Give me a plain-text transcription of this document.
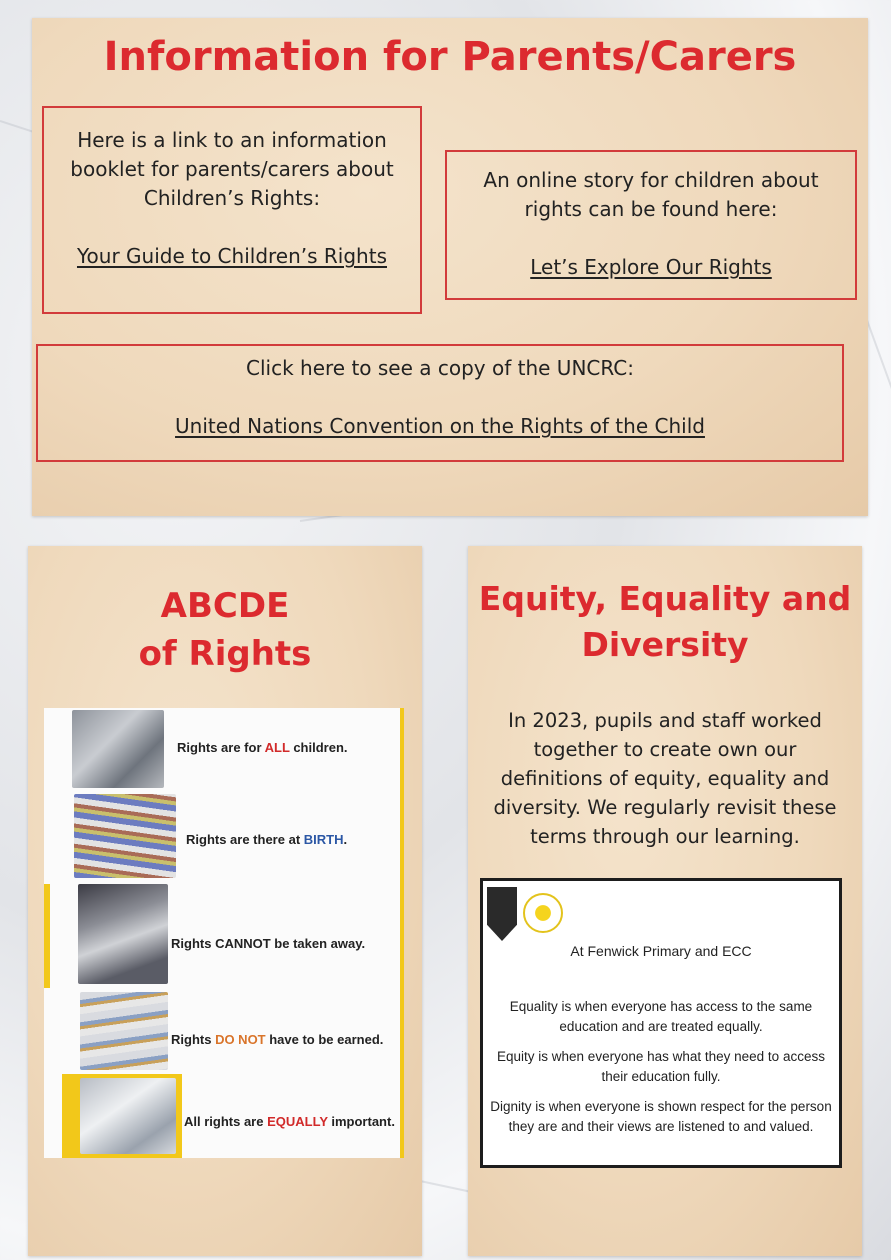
Information for Parents/Carers

Here is a link to an information

booklet for parents/carers about

Children’s Rights:

Your Guide to Children’s Rights

An online story for children about

rights can be found here:

Let’s Explore Our Rights

Click here to see a copy of the UNCRC:

United Nations Convention on the Rights of the Child

ABCDE
of Rights
Rights are for ALL children.
Rights are there at BIRTH.
Rights CANNOT be taken away.
Rights DO NOT have to be earned.
All rights are EQUALLY important.
Equity, Equality and
Diversity

In 2023, pupils and staff worked

together to create own our

definitions of equity, equality and

diversity. We regularly revisit these

terms through our learning.

At Fenwick Primary and ECC

Equality is when everyone has access to the same

education and are treated equally.

Equity is when everyone has what they need to access

their education fully.

Dignity is when everyone is shown respect for the person

they are and their views are listened to and valued.
